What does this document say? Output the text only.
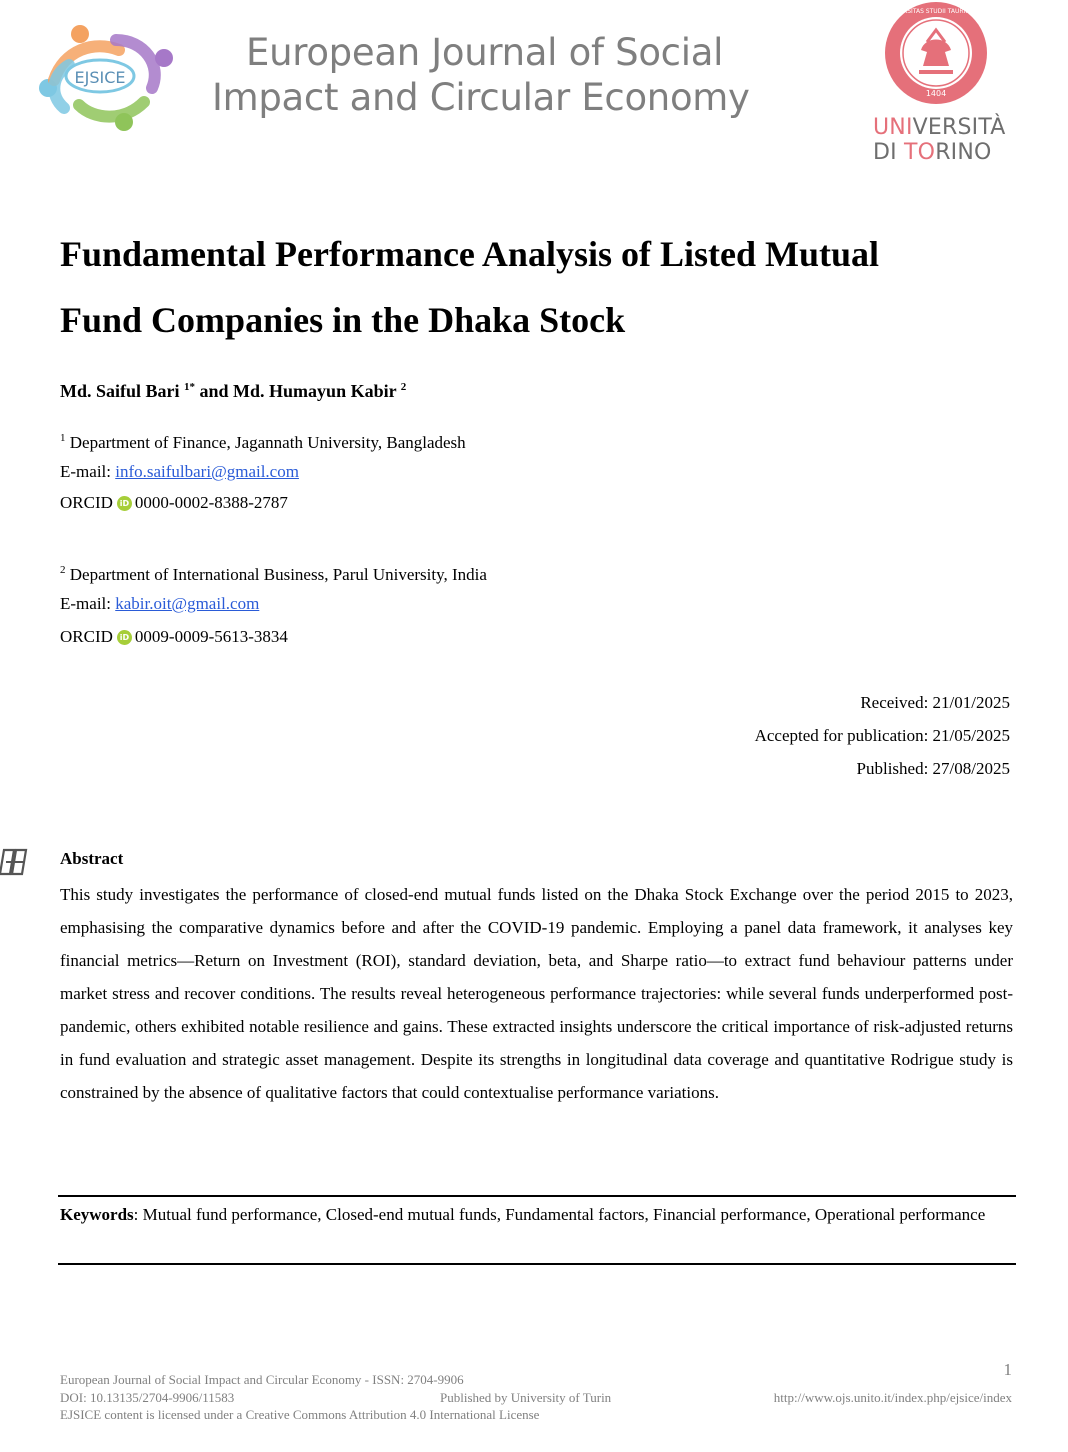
EJSICE
European Journal of Social
Impact and Circular Economy	1404
UNIVERSITAS STUDII TAURINENSIS
UNIVERSITÀ
DI TORINO
Fundamental Performance Analysis of Listed Mutual
Fund Companies in the Dhaka Stock
Md. Saiful Bari $^{1*}$ and Md. Humayun Kabir $^2$
$^1$ Department of Finance, Jagannath University, Bangladesh
E-mail: info.saifulbari@gmail.com
ORCID iD 0000-0002-8388-2787
$^2$ Department of International Business, Parul University, India
E-mail: kabir.oit@gmail.com
ORCID iD 0009-0009-5613-3834
Received: 21/01/2025
Accepted for publication: 21/05/2025
Published: 27/08/2025
Abstract
This study investigates the performance of closed-end mutual funds listed on the Dhaka Stock Exchange over the period 2015 to 2023, emphasising the comparative dynamics before and after the COVID-19 pandemic. Employing a panel data framework, it analyses key financial metrics—Return on Investment (ROI), standard deviation, beta, and Sharpe ratio—to extract fund behaviour patterns under market stress and recover conditions. The results reveal heterogeneous performance trajectories: while several funds underperformed post-pandemic, others exhibited notable resilience and gains. These extracted insights underscore the critical importance of risk-adjusted returns in fund evaluation and strategic asset management. Despite its strengths in longitudinal data coverage and quantitative Rodrigue study is constrained by the absence of qualitative factors that could contextualise performance variations.
Keywords: Mutual fund performance, Closed-end mutual funds, Fundamental factors, Financial performance, Operational performance
1
European Journal of Social Impact and Circular Economy - ISSN: 2704-9906
DOI: 10.13135/2704-9906/11583	Published by University of Turin	http://www.ojs.unito.it/index.php/ejsice/index
EJSICE content is licensed under a Creative Commons Attribution 4.0 International License
